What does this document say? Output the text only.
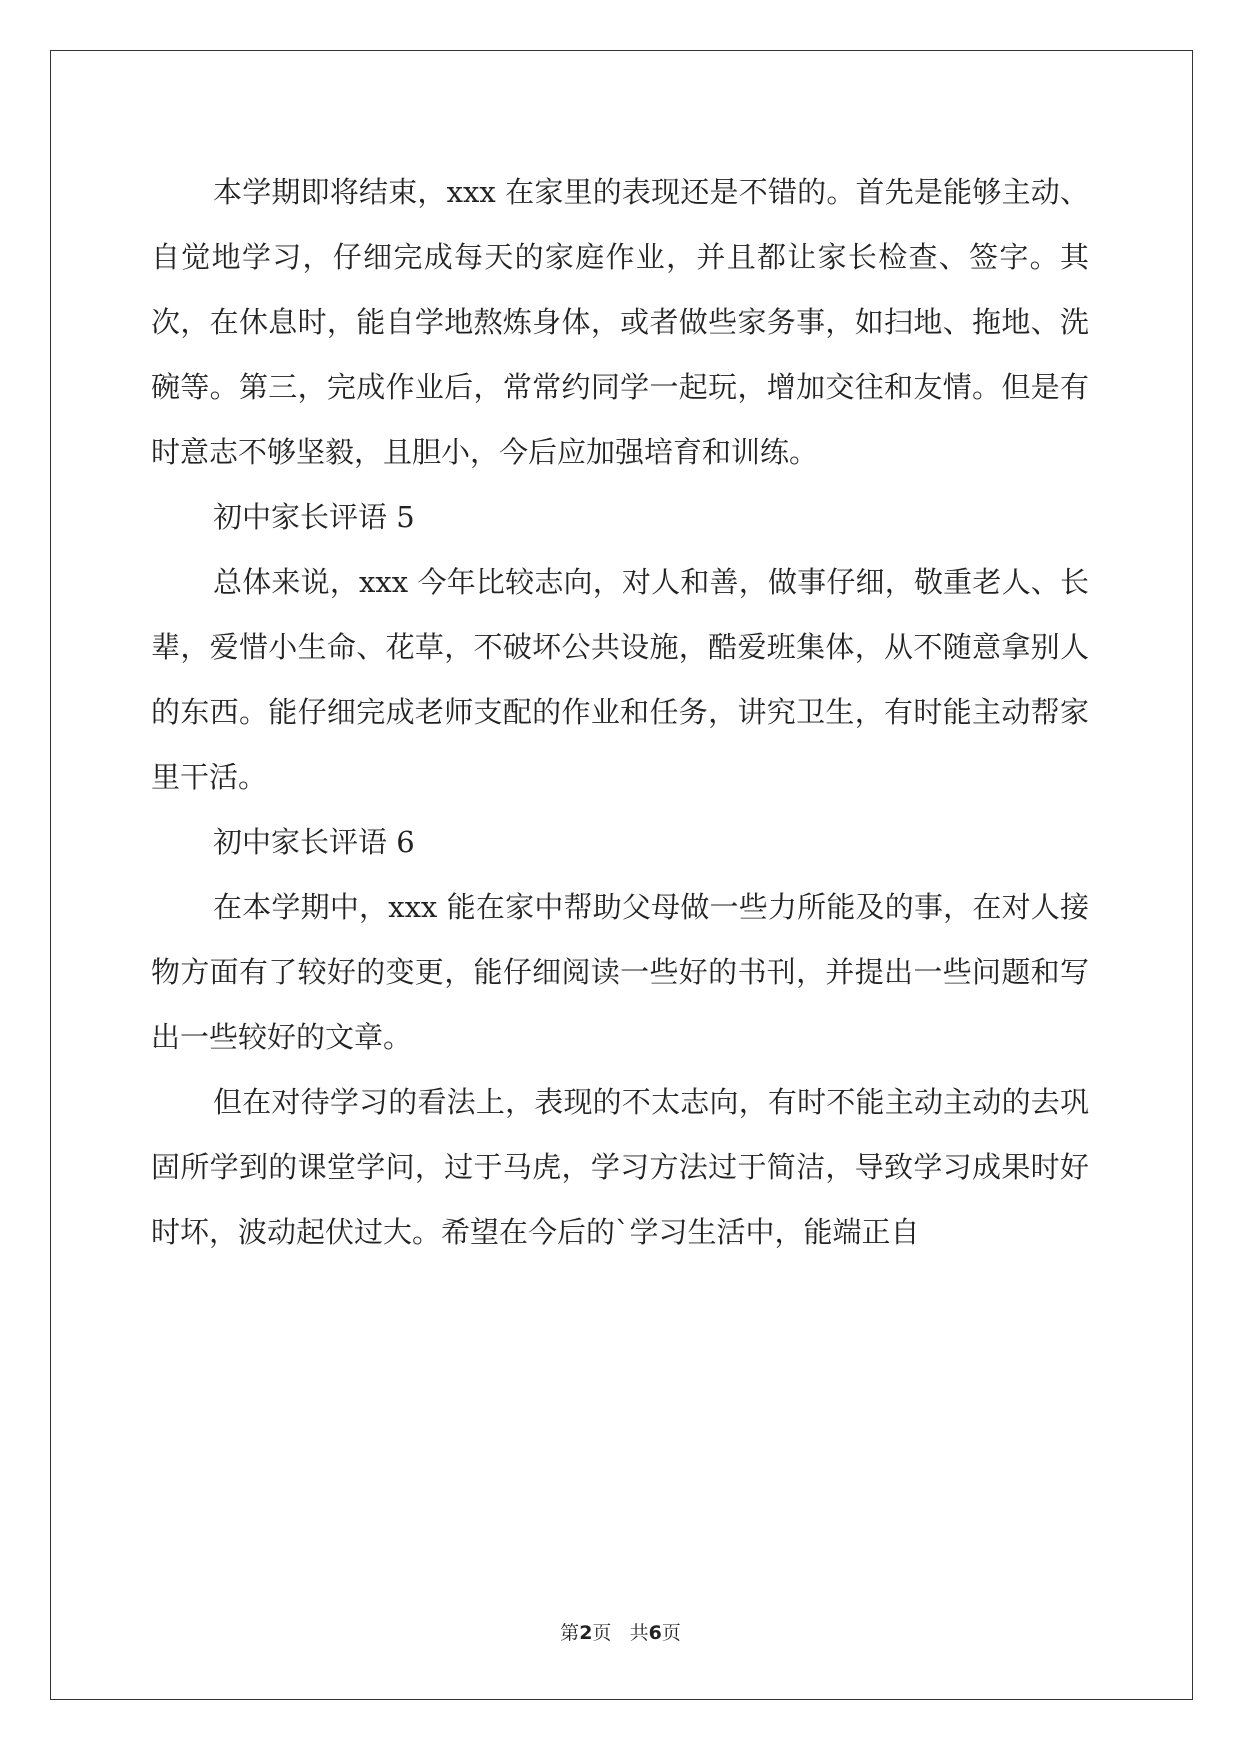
本学期即将结束，xxx 在家里的表现还是不错的。首先是能够主动、自觉地学习，仔细完成每天的家庭作业，并且都让家长检查、签字。其次，在休息时，能自学地熬炼身体，或者做些家务事，如扫地、拖地、洗碗等。第三，完成作业后，常常约同学一起玩，增加交往和友情。但是有时意志不够坚毅，且胆小，今后应加强培育和训练。

初中家长评语 5

总体来说，xxx 今年比较志向，对人和善，做事仔细，敬重老人、长辈，爱惜小生命、花草，不破坏公共设施，酷爱班集体，从不随意拿别人的东西。能仔细完成老师支配的作业和任务，讲究卫生，有时能主动帮家里干活。

初中家长评语 6

在本学期中，xxx 能在家中帮助父母做一些力所能及的事，在对人接物方面有了较好的变更，能仔细阅读一些好的书刊，并提出一些问题和写出一些较好的文章。

但在对待学习的看法上，表现的不太志向，有时不能主动主动的去巩固所学到的课堂学问，过于马虎，学习方法过于简洁，导致学习成果时好时坏，波动起伏过大。希望在今后的`学习生活中，能端正自

第2页 共6页
